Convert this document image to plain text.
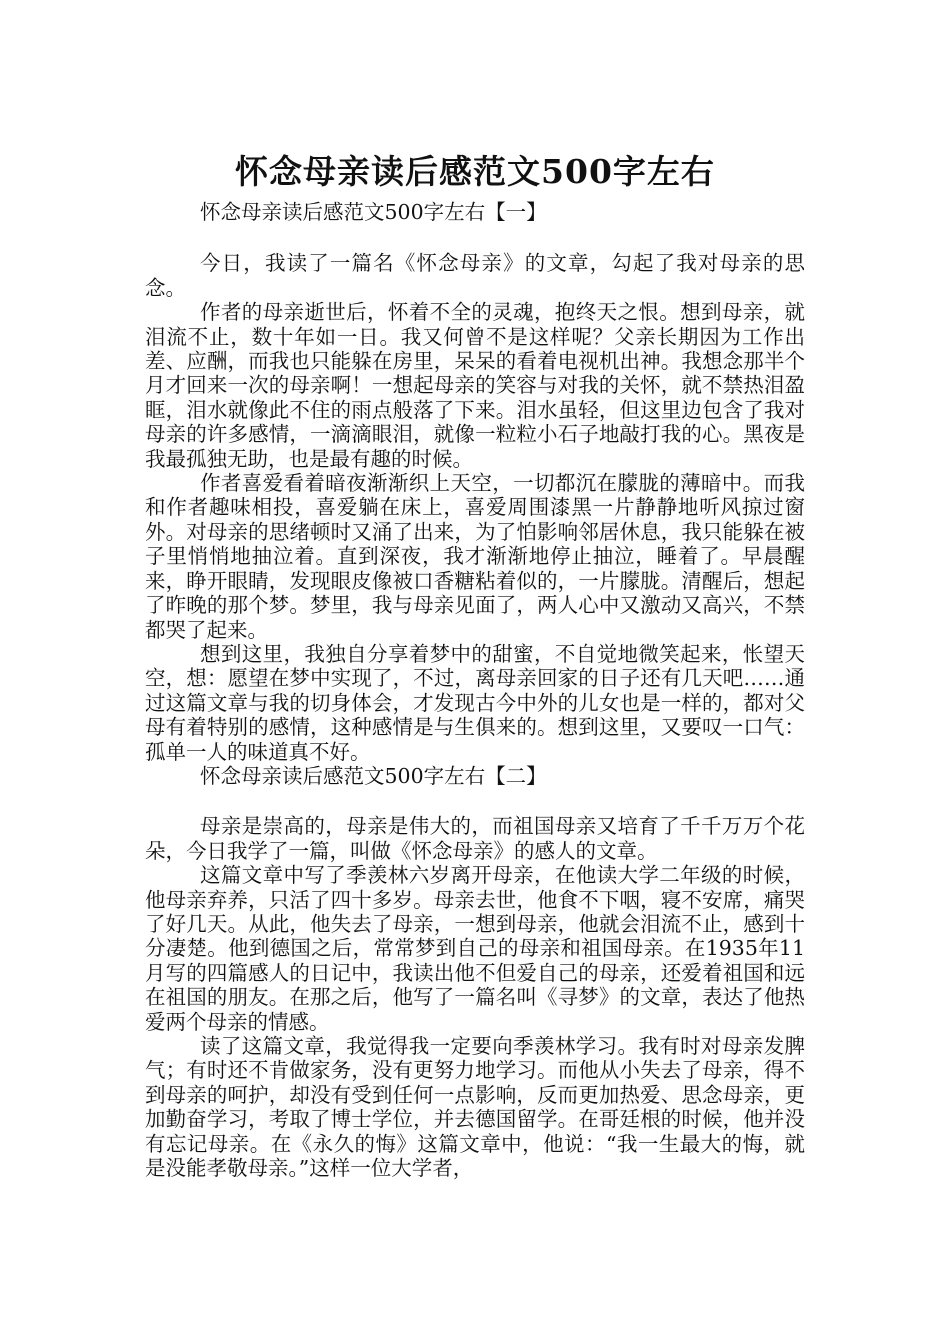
怀念母亲读后感范文500字左右

怀念母亲读后感范文500字左右【一】

今日，我读了一篇名《怀念母亲》的文章，勾起了我对母亲的思念。

作者的母亲逝世后，怀着不全的灵魂，抱终天之恨。想到母亲，就泪流不止，数十年如一日。我又何曾不是这样呢？父亲长期因为工作出差、应酬，而我也只能躲在房里，呆呆的看着电视机出神。我想念那半个月才回来一次的母亲啊！一想起母亲的笑容与对我的关怀，就不禁热泪盈眶，泪水就像此不住的雨点般落了下来。泪水虽轻，但这里边包含了我对母亲的许多感情，一滴滴眼泪，就像一粒粒小石子地敲打我的心。黑夜是我最孤独无助，也是最有趣的时候。

作者喜爱看着暗夜渐渐织上天空，一切都沉在朦胧的薄暗中。而我和作者趣味相投，喜爱躺在床上，喜爱周围漆黑一片静静地听风掠过窗外。对母亲的思绪顿时又涌了出来，为了怕影响邻居休息，我只能躲在被子里悄悄地抽泣着。直到深夜，我才渐渐地停止抽泣，睡着了。早晨醒来，睁开眼睛，发现眼皮像被口香糖粘着似的，一片朦胧。清醒后，想起了昨晚的那个梦。梦里，我与母亲见面了，两人心中又激动又高兴，不禁都哭了起来。

想到这里，我独自分享着梦中的甜蜜，不自觉地微笑起来，怅望天空，想：愿望在梦中实现了，不过，离母亲回家的日子还有几天吧……通过这篇文章与我的切身体会，才发现古今中外的儿女也是一样的，都对父母有着特别的感情，这种感情是与生俱来的。想到这里，又要叹一口气：孤单一人的味道真不好。

怀念母亲读后感范文500字左右【二】

母亲是崇高的，母亲是伟大的，而祖国母亲又培育了千千万万个花朵，今日我学了一篇，叫做《怀念母亲》的感人的文章。

这篇文章中写了季羡林六岁离开母亲，在他读大学二年级的时候，他母亲弃养，只活了四十多岁。母亲去世，他食不下咽，寝不安席，痛哭了好几天。从此，他失去了母亲，一想到母亲，他就会泪流不止，感到十分凄楚。他到德国之后，常常梦到自己的母亲和祖国母亲。在1935年11月写的四篇感人的日记中，我读出他不但爱自己的母亲，还爱着祖国和远在祖国的朋友。在那之后，他写了一篇名叫《寻梦》的文章，表达了他热爱两个母亲的情感。

读了这篇文章，我觉得我一定要向季羡林学习。我有时对母亲发脾气；有时还不肯做家务，没有更努力地学习。而他从小失去了母亲，得不到母亲的呵护，却没有受到任何一点影响，反而更加热爱、思念母亲，更加勤奋学习，考取了博士学位，并去德国留学。在哥廷根的时候，他并没有忘记母亲。在《永久的悔》这篇文章中，他说：“我一生最大的悔，就是没能孝敬母亲。”这样一位大学者，
